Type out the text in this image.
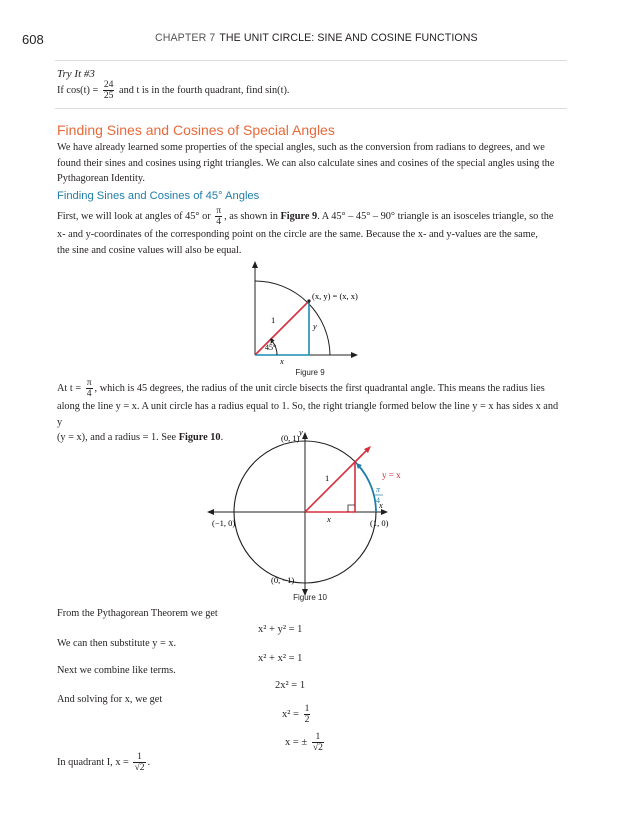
608	CHAPTER 7 THE UNIT CIRCLE: SINE AND COSINE FUNCTIONS
Try It #3
If $\cos(t) = \frac{24}{25}$ and t is in the fourth quadrant, find sin(t).
Finding Sines and Cosines of Special Angles
We have already learned some properties of the special angles, such as the conversion from radians to degrees, and we found their sines and cosines using right triangles. We can also calculate sines and cosines of the special angles using the Pythagorean Identity.
Finding Sines and Cosines of 45° Angles
First, we will look at angles of 45° or $\frac{\pi}{4}$ , as shown in Figure 9. A 45° – 45° – 90° triangle is an isosceles triangle, so the
x- and y-coordinates of the corresponding point on the circle are the same. Because the x- and y-values are the same,
the sine and cosine values will also be equal.
(x, y) = (x, x)
1
y
x
45°
Figure 9
At $t = \frac{\pi}{4}$ , which is 45 degrees, the radius of the unit circle bisects the first quadrantal angle. This means the radius lies
along the line y = x. A unit circle has a radius equal to 1. So, the right triangle formed below the line y = x has sides x and y
(y = x), and a radius = 1. See Figure 10.
y
x
(0, 1)
(−1, 0)	(1, 0)
(0, −1)
y = x
1
x
π
4
Figure 10
From the Pythagorean Theorem we get
x² + y² = 1
We can then substitute y = x.
x² + x² = 1
Next we combine like terms.
2x² = 1
And solving for x, we get
$x^2 = \frac{1}{2}$
x = ± $\frac{1}{√2}$
In quadrant I, $x = \frac{1}{√2}$ .
